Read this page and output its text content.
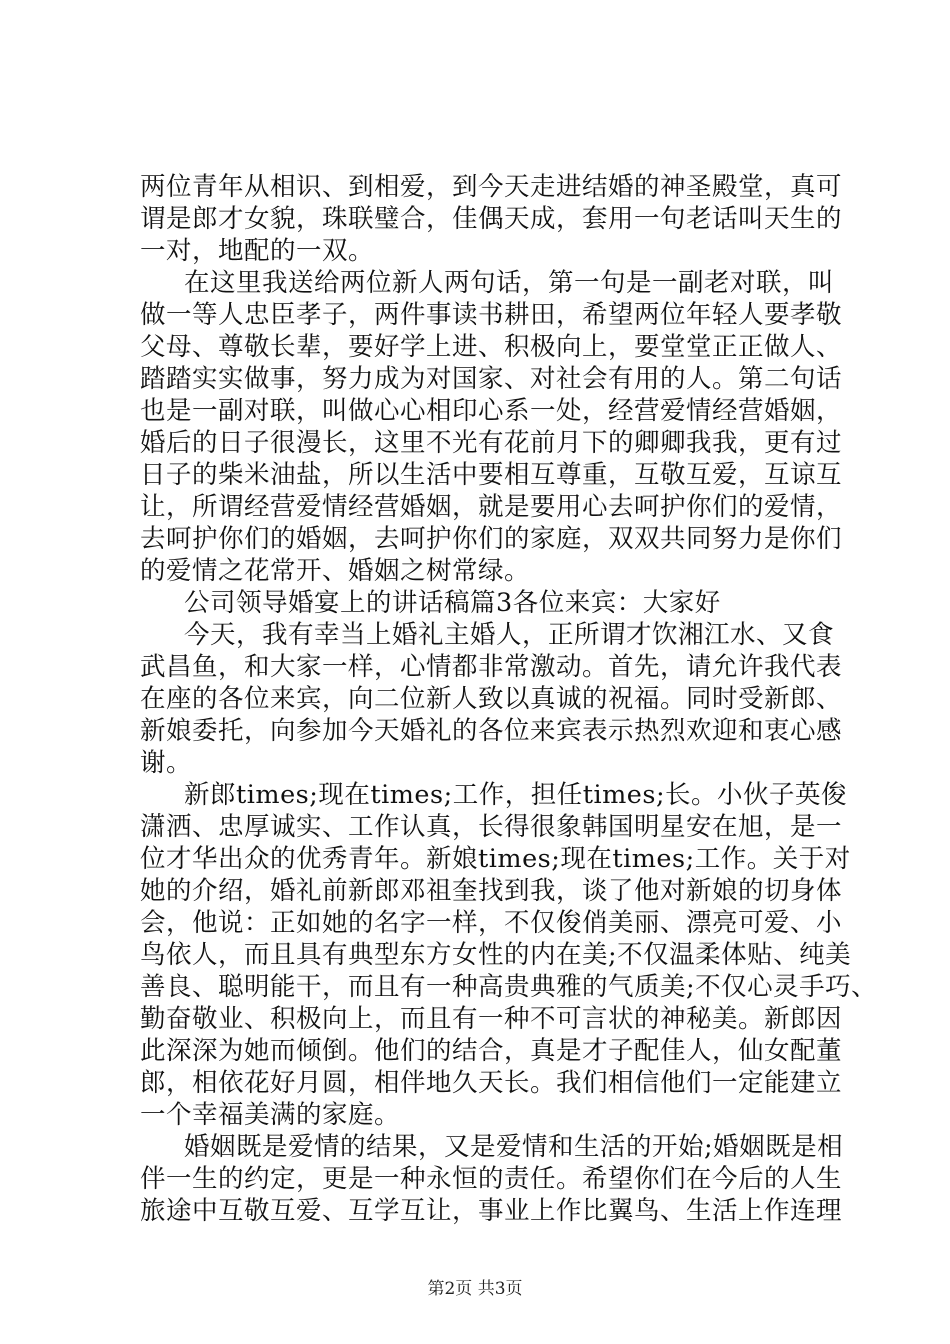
两位青年从相识、到相爱，到今天走进结婚的神圣殿堂，真可
谓是郎才女貌，珠联璧合，佳偶天成，套用一句老话叫天生的
一对，地配的一双。
在这里我送给两位新人两句话，第一句是一副老对联，叫
做一等人忠臣孝子，两件事读书耕田，希望两位年轻人要孝敬
父母、尊敬长辈，要好学上进、积极向上，要堂堂正正做人、
踏踏实实做事，努力成为对国家、对社会有用的人。第二句话
也是一副对联，叫做心心相印心系一处，经营爱情经营婚姻，
婚后的日子很漫长，这里不光有花前月下的卿卿我我，更有过
日子的柴米油盐，所以生活中要相互尊重，互敬互爱，互谅互
让，所谓经营爱情经营婚姻，就是要用心去呵护你们的爱情，
去呵护你们的婚姻，去呵护你们的家庭，双双共同努力是你们
的爱情之花常开、婚姻之树常绿。
公司领导婚宴上的讲话稿篇3各位来宾：大家好
今天，我有幸当上婚礼主婚人，正所谓才饮湘江水、又食
武昌鱼，和大家一样，心情都非常激动。首先，请允许我代表
在座的各位来宾，向二位新人致以真诚的祝福。同时受新郎、
新娘委托，向参加今天婚礼的各位来宾表示热烈欢迎和衷心感
谢。
新郎times;现在times;工作，担任times;长。小伙子英俊
潇洒、忠厚诚实、工作认真，长得很象韩国明星安在旭，是一
位才华出众的优秀青年。新娘times;现在times;工作。关于对
她的介绍，婚礼前新郎邓祖奎找到我，谈了他对新娘的切身体
会，他说：正如她的名字一样，不仅俊俏美丽、漂亮可爱、小
鸟依人，而且具有典型东方女性的内在美;不仅温柔体贴、纯美
善良、聪明能干，而且有一种高贵典雅的气质美;不仅心灵手巧、
勤奋敬业、积极向上，而且有一种不可言状的神秘美。新郎因
此深深为她而倾倒。他们的结合，真是才子配佳人，仙女配董
郎，相依花好月圆，相伴地久天长。我们相信他们一定能建立
一个幸福美满的家庭。
婚姻既是爱情的结果，又是爱情和生活的开始;婚姻既是相
伴一生的约定，更是一种永恒的责任。希望你们在今后的人生
旅途中互敬互爱、互学互让，事业上作比翼鸟、生活上作连理
第2页 共3页
